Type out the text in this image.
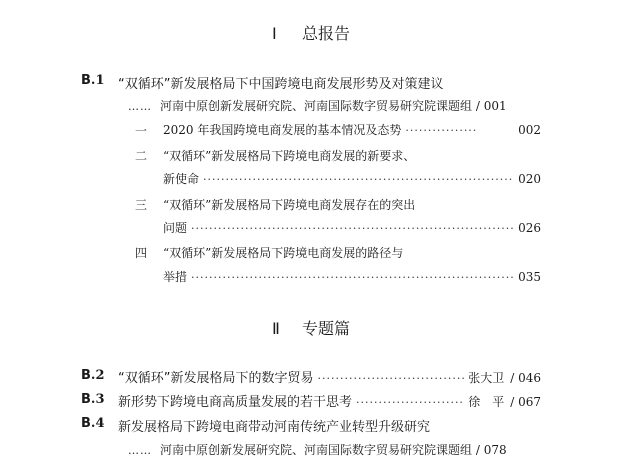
Ⅰ 总报告
B.1 “双循环”新发展格局下中国跨境电商发展形势及对策建议
…… 河南中原创新发展研究院、河南国际数字贸易研究院课题组 / 001
一 2020 年我国跨境电商发展的基本情况及态势 ·····	002
二 “双循环”新发展格局下跨境电商发展的新要求、
新使命 ·····	020
三 “双循环”新发展格局下跨境电商发展存在的突出
问题 ·····	026
四 “双循环”新发展格局下跨境电商发展的路径与
举措 ·····	035
Ⅱ 专题篇
B.2 “双循环”新发展格局下的数字贸易 ·····	张大卫 / 046
B.3 新形势下跨境电商高质量发展的若干思考 ·····	徐　平 / 067
B.4 新发展格局下跨境电商带动河南传统产业转型升级研究
…… 河南中原创新发展研究院、河南国际数字贸易研究院课题组 / 078
